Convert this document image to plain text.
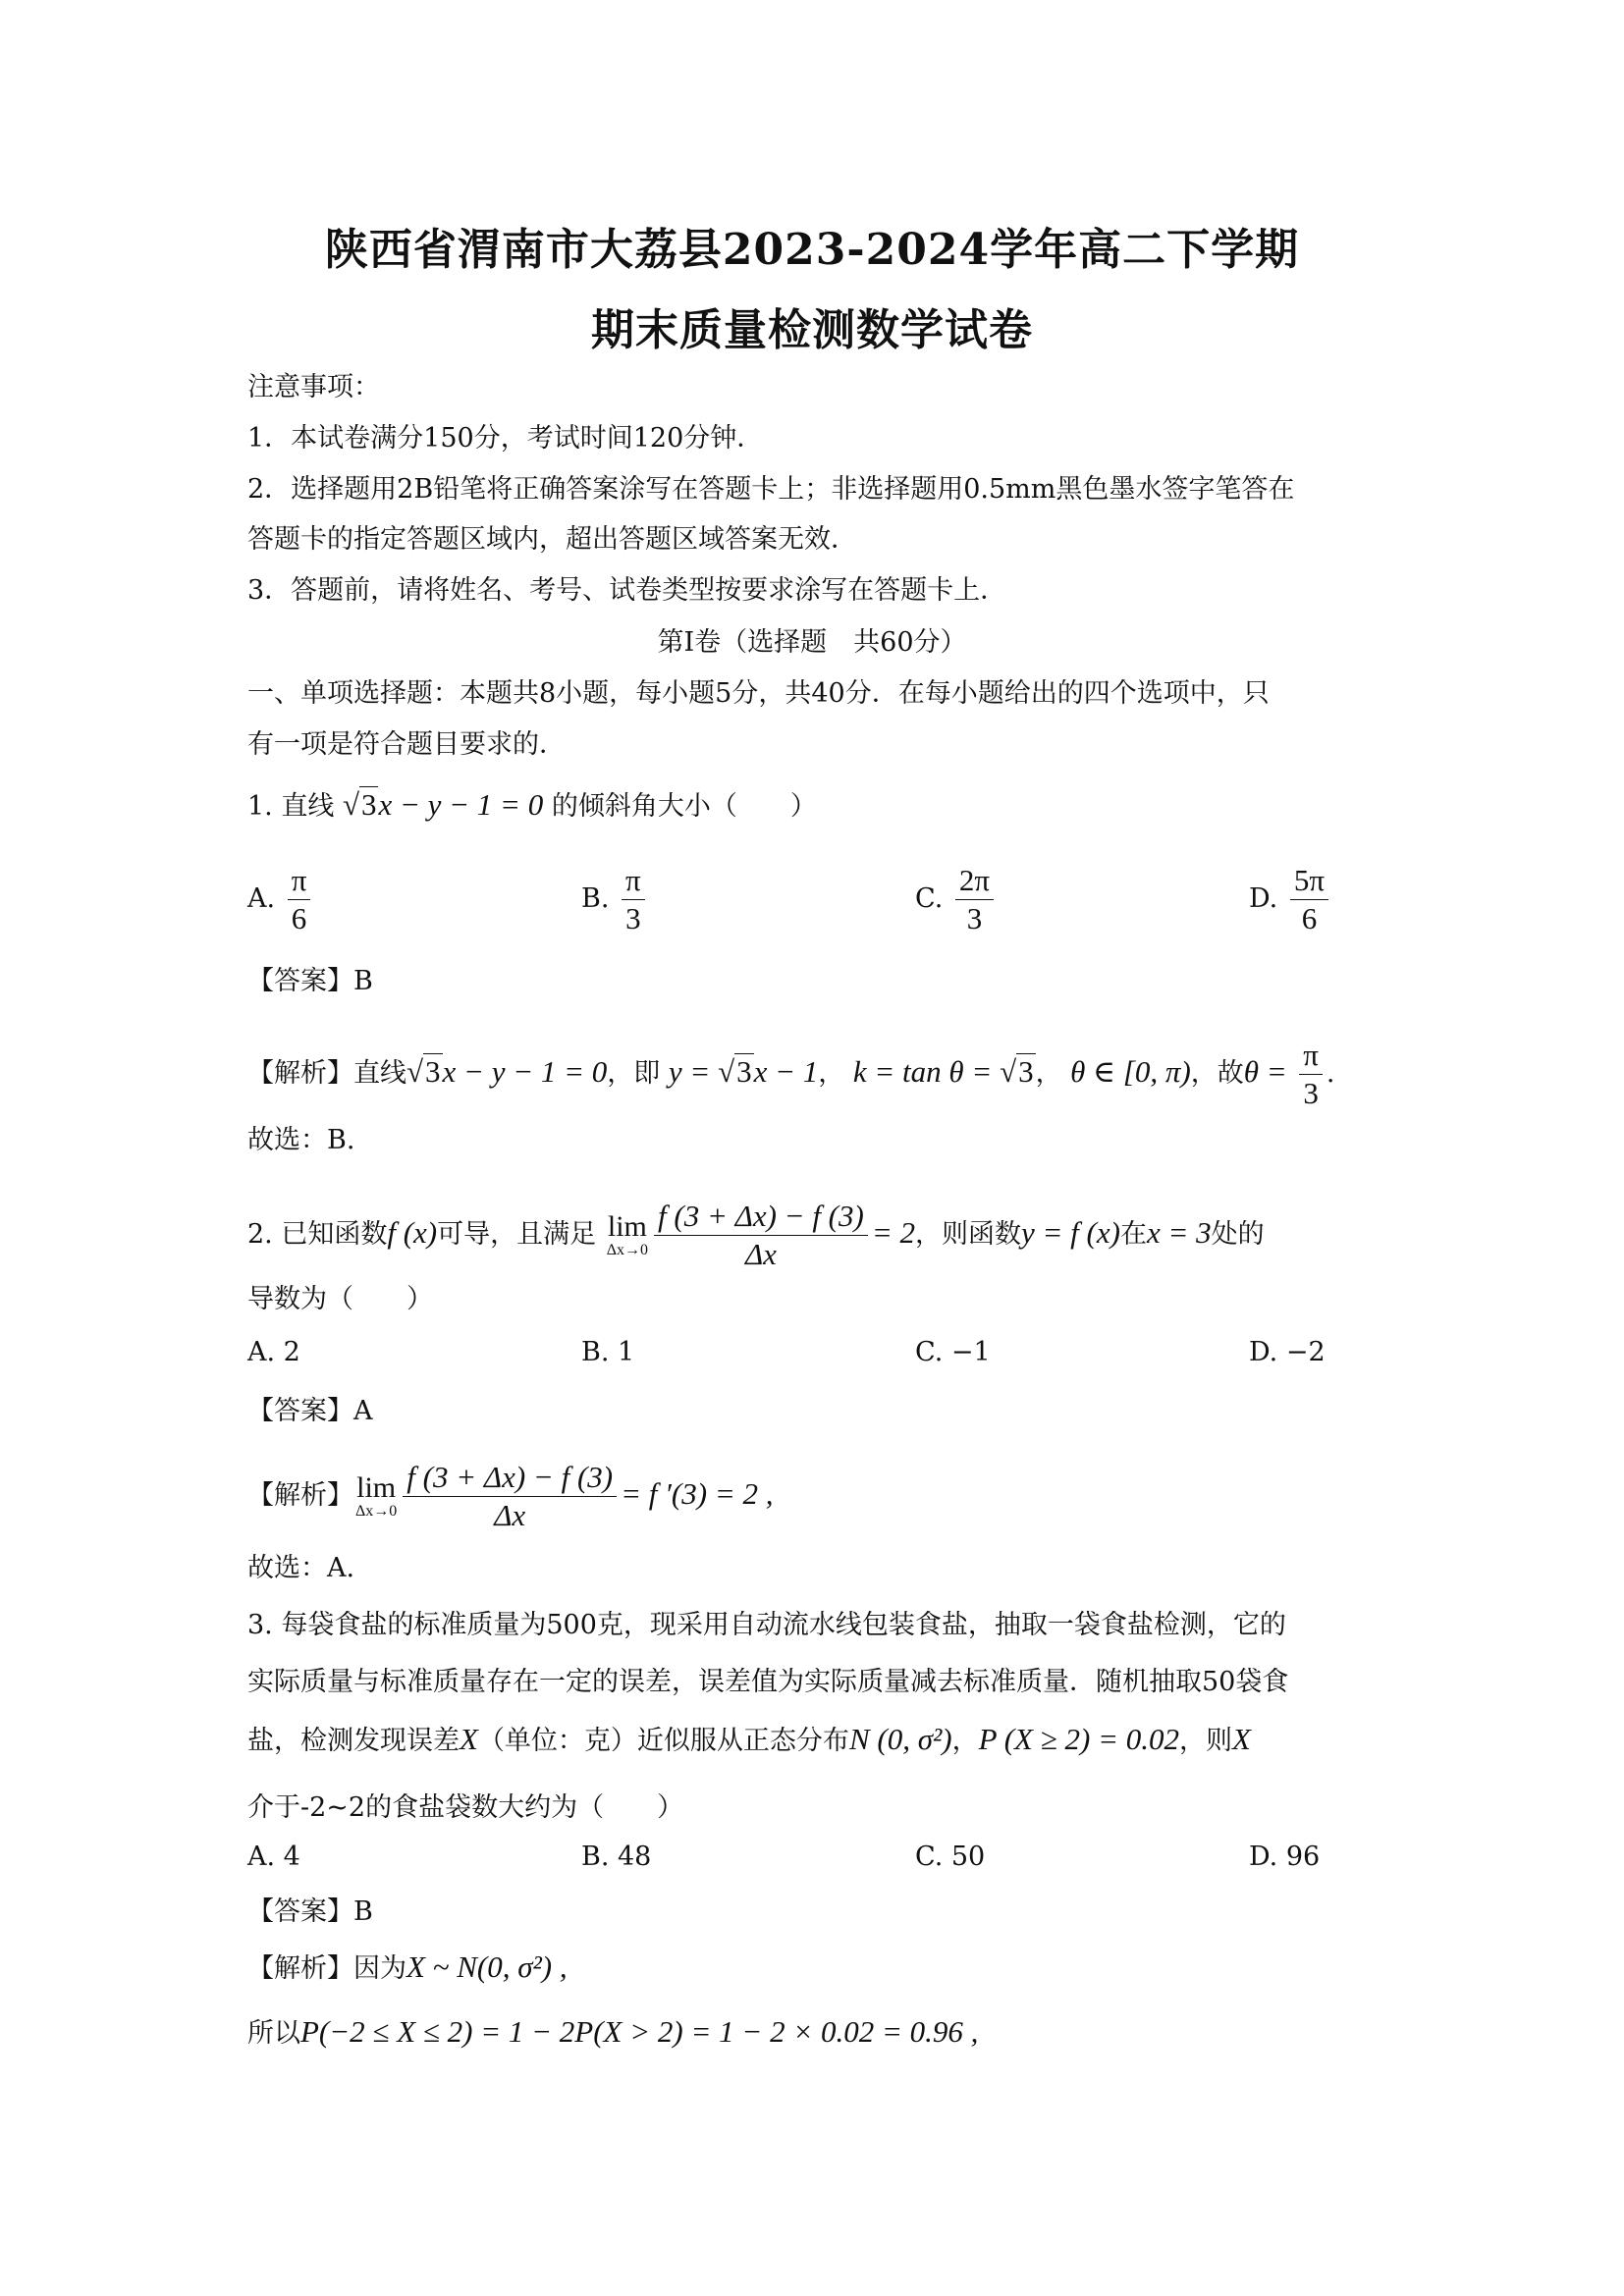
陕西省渭南市大荔县2023-2024学年高二下学期
期末质量检测数学试卷
注意事项：
1．本试卷满分150分，考试时间120分钟．
2．选择题用2B铅笔将正确答案涂写在答题卡上；非选择题用0.5mm黑色墨水签字笔答在
答题卡的指定答题区域内，超出答题区域答案无效．
3．答题前，请将姓名、考号、试卷类型按要求涂写在答题卡上．
第Ⅰ卷（选择题　共60分）
一、单项选择题：本题共8小题，每小题5分，共40分．在每小题给出的四个选项中，只
有一项是符合题目要求的．
1. 直线 √3x − y − 1 = 0 的倾斜角大小（　　）
A. $\frac{\pi}{6}$	B. $\frac{\pi}{3}$	C. $\frac{2\pi}{3}$	D. $\frac{5\pi}{6}$
【答案】B
【解析】直线√3x − y − 1 = 0，即 y = √3x − 1， k = tan θ = √3， θ ∈ [0, π)，故$\theta = \frac{\pi}{3}$ .
故选：B.
2. 已知函数f (x)可导，且满足 lim
$\Delta x\to 0 \frac{f (3 + \Delta x) - f (3)}{\Delta x} = 2$，则函数y = f (x)在x = 3处的
导数为（　　）
A. 2	B. 1	C. −1	D. −2
【答案】A
【解析】 lim
$\Delta x\to 0 \frac{f (3 + \Delta x) - f (3)}{\Delta x} = f$ ′(3) = 2 ,
故选：A.
3. 每袋食盐的标准质量为500克，现采用自动流水线包装食盐，抽取一袋食盐检测，它的
实际质量与标准质量存在一定的误差，误差值为实际质量减去标准质量．随机抽取50袋食
盐，检测发现误差X（单位：克）近似服从正态分布N (0, σ²)，P (X ≥ 2) = 0.02，则X
介于-2~2的食盐袋数大约为（　　）
A. 4	B. 48	C. 50	D. 96
【答案】B
【解析】因为X ~ N(0, σ²) ,
所以P(−2 ≤ X ≤ 2) = 1 − 2P(X > 2) = 1 − 2 × 0.02 = 0.96 ,
